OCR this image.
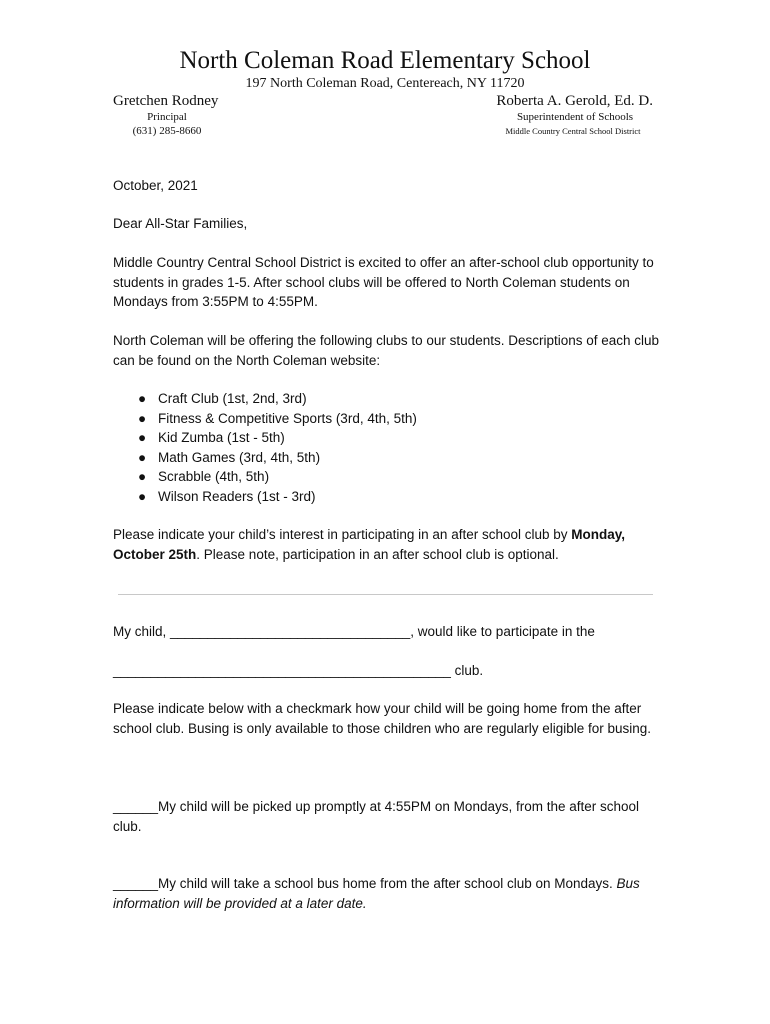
North Coleman Road Elementary School
197 North Coleman Road, Centereach, NY 11720
Gretchen Rodney
Principal
(631) 285-8660
Roberta A. Gerold, Ed. D.
Superintendent of Schools
Middle Country Central School District
October, 2021
Dear All-Star Families,
Middle Country Central School District is excited to offer an after-school club opportunity to students in grades 1-5. After school clubs will be offered to North Coleman students on Mondays from 3:55PM to 4:55PM.
North Coleman will be offering the following clubs to our students. Descriptions of each club can be found on the North Coleman website:
● Craft Club (1st, 2nd, 3rd)
● Fitness & Competitive Sports (3rd, 4th, 5th)
● Kid Zumba (1st - 5th)
● Math Games (3rd, 4th, 5th)
● Scrabble (4th, 5th)
● Wilson Readers (1st - 3rd)
Please indicate your child’s interest in participating in an after school club by Monday, October 25th. Please note, participation in an after school club is optional.
My child, ________________________________, would like to participate in the
_____________________________________________ club.
Please indicate below with a checkmark how your child will be going home from the after school club. Busing is only available to those children who are regularly eligible for busing.
______My child will be picked up promptly at 4:55PM on Mondays, from the after school club.
______My child will take a school bus home from the after school club on Mondays. Bus information will be provided at a later date.
